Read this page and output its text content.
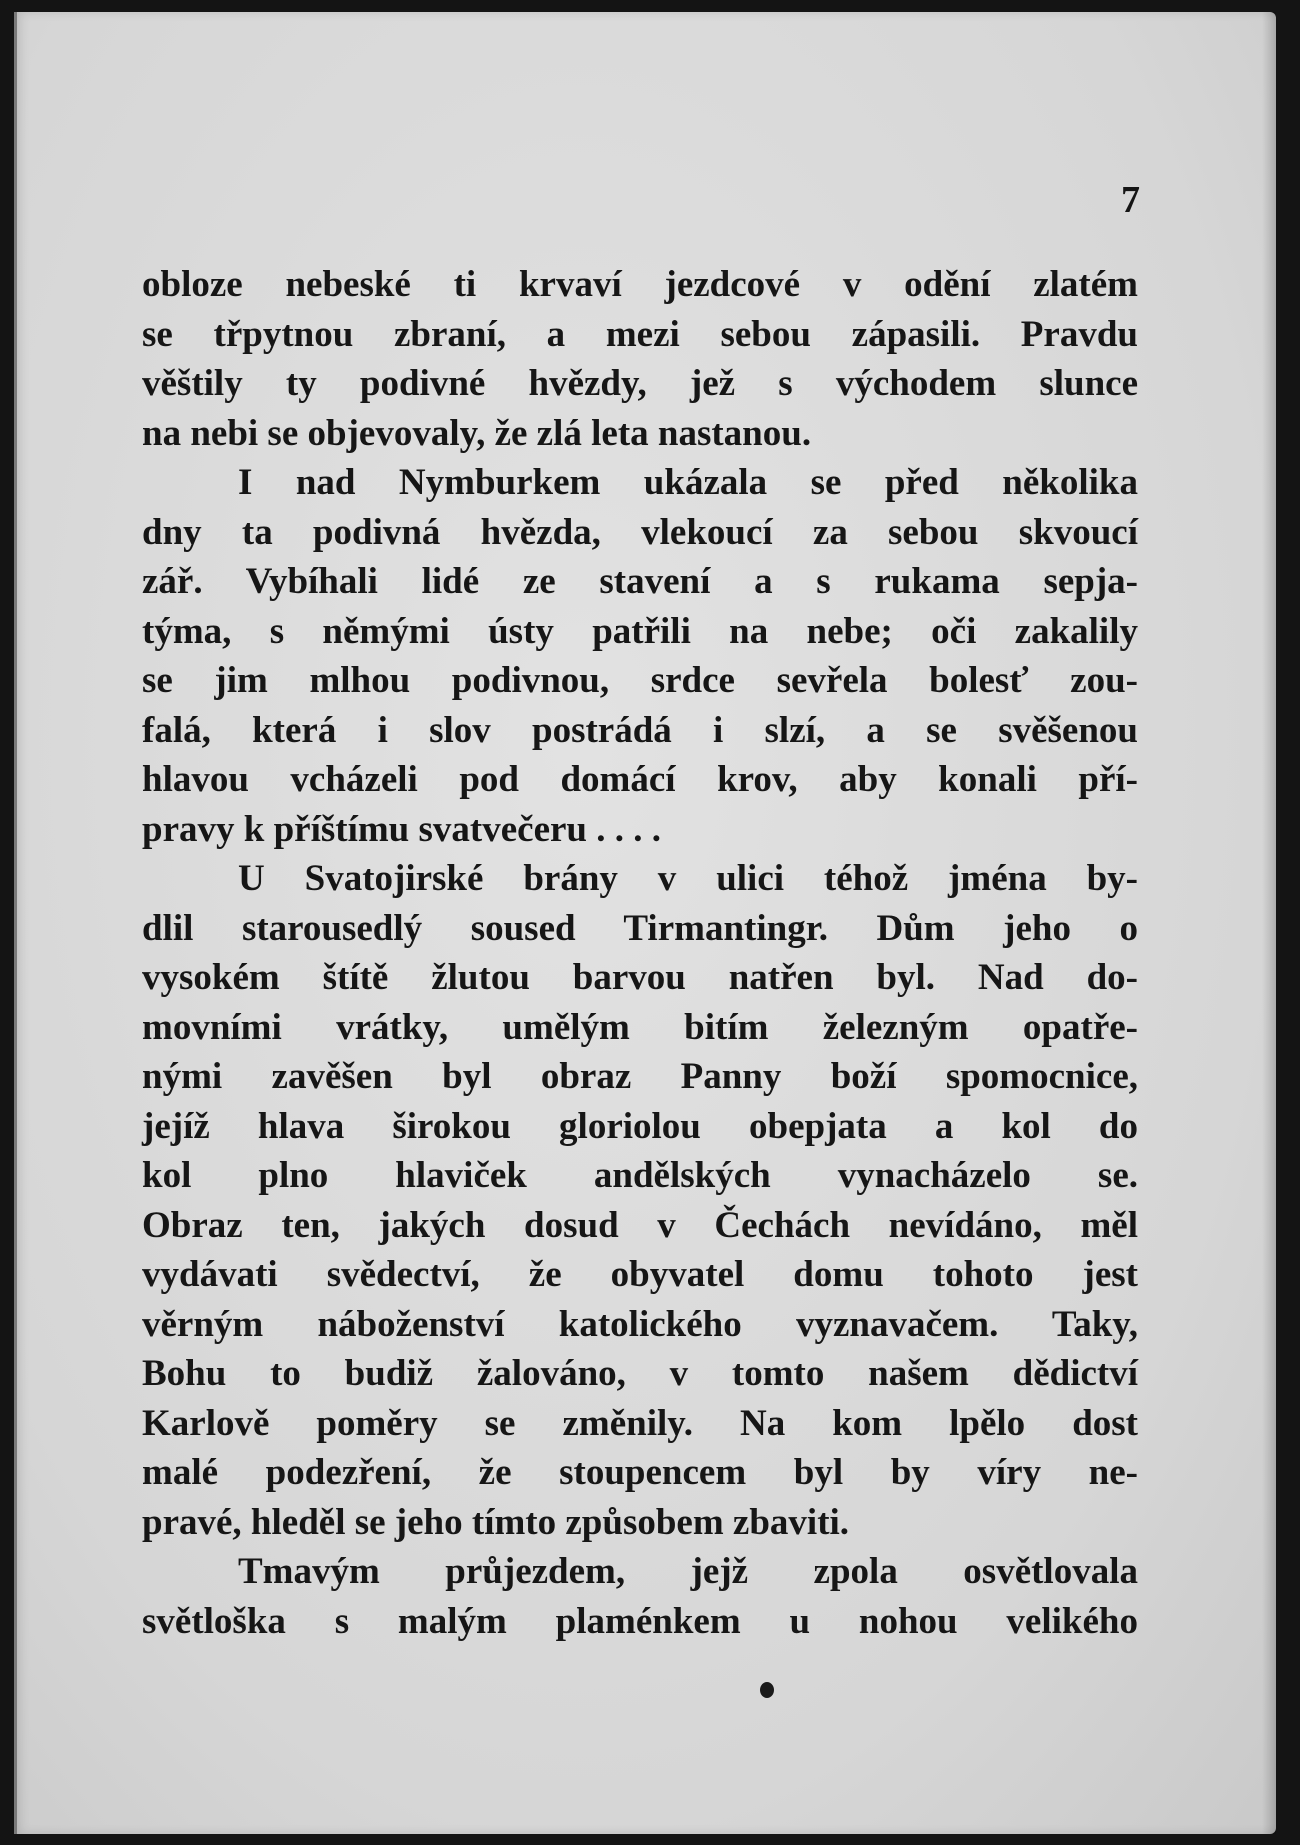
7

obloze nebeské ti krvaví jezdcové v odění zlatém
se třpytnou zbraní, a mezi sebou zápasili. Pravdu
věštily ty podivné hvězdy, jež s východem slunce
na nebi se objevovaly, že zlá leta nastanou.
I nad Nymburkem ukázala se před několika
dny ta podivná hvězda, vlekoucí za sebou skvoucí
zář. Vybíhali lidé ze stavení a s rukama sepja-
týma, s němými ústy patřili na nebe; oči zakalily
se jim mlhou podivnou, srdce sevřela bolesť zou-
falá, která i slov postrádá i slzí, a se svěšenou
hlavou vcházeli pod domácí krov, aby konali pří-
pravy k příštímu svatvečeru . . . .
U Svatojirské brány v ulici téhož jména by-
dlil starousedlý soused Tirmantingr. Dům jeho o
vysokém štítě žlutou barvou natřen byl. Nad do-
movními vrátky, umělým bitím železným opatře-
nými zavěšen byl obraz Panny boží spomocnice,
jejíž hlava širokou gloriolou obepjata a kol do
kol plno hlaviček andělských vynacházelo se.
Obraz ten, jakých dosud v Čechách nevídáno, měl
vydávati svědectví, že obyvatel domu tohoto jest
věrným náboženství katolického vyznavačem. Taky,
Bohu to budiž žalováno, v tomto našem dědictví
Karlově poměry se změnily. Na kom lpělo dost
malé podezření, že stoupencem byl by víry ne-
pravé, hleděl se jeho tímto způsobem zbaviti.
Tmavým průjezdem, jejž zpola osvětlovala
světloška s malým plaménkem u nohou velikého
